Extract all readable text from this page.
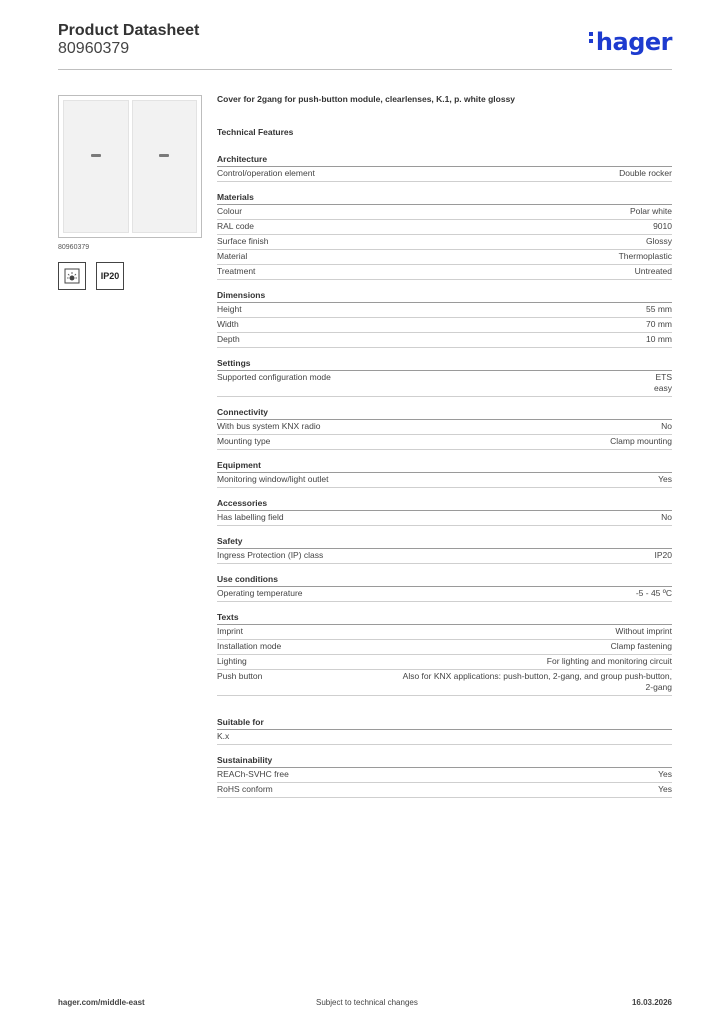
Product Datasheet
80960379	hager
80960379
IP20
Cover for 2gang for push-button module, clearlenses, K.1, p. white glossy
Technical Features
Architecture
Control/operation element	Double rocker
Materials
Colour	Polar white
RAL code	9010
Surface finish	Glossy
Material	Thermoplastic
Treatment	Untreated
Dimensions
Height	55 mm
Width	70 mm
Depth	10 mm
Settings
Supported configuration mode	ETS
easy
Connectivity
With bus system KNX radio	No
Mounting type	Clamp mounting
Equipment
Monitoring window/light outlet	Yes
Accessories
Has labelling field	No
Safety
Ingress Protection (IP) class	IP20
Use conditions
Operating temperature	-5 - 45 ºC
Texts
Imprint	Without imprint
Installation mode	Clamp fastening
Lighting	For lighting and monitoring circuit
Push button	Also for KNX applications: push-button, 2-gang, and group push-button,
2-gang
Suitable for
K.x
Sustainability
REACh-SVHC free	Yes
RoHS conform	Yes
hager.com/middle-east	Subject to technical changes	16.03.2026
